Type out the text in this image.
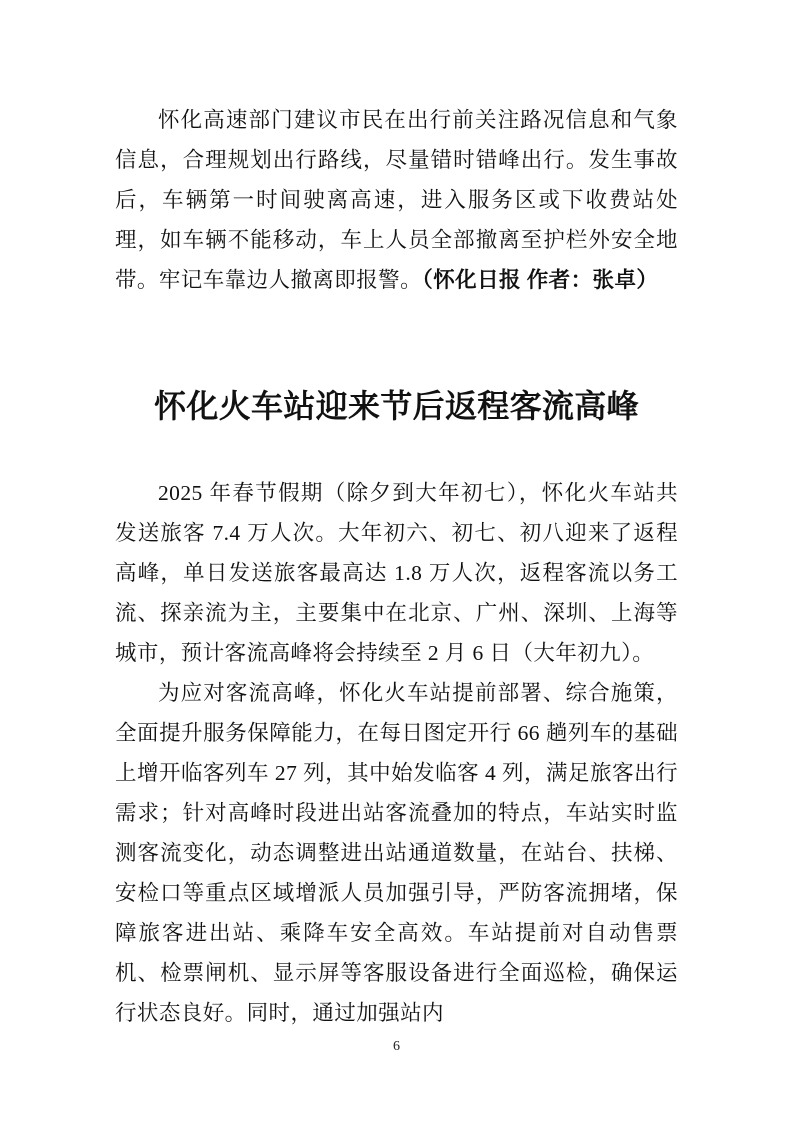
怀化高速部门建议市民在出行前关注路况信息和气象信息，合理规划出行路线，尽量错时错峰出行。发生事故后，车辆第一时间驶离高速，进入服务区或下收费站处理，如车辆不能移动，车上人员全部撤离至护栏外安全地带。牢记车靠边人撤离即报警。（怀化日报 作者：张卓）

怀化火车站迎来节后返程客流高峰

2025 年春节假期（除夕到大年初七），怀化火车站共发送旅客 7.4 万人次。大年初六、初七、初八迎来了返程高峰，单日发送旅客最高达 1.8 万人次，返程客流以务工流、探亲流为主，主要集中在北京、广州、深圳、上海等城市，预计客流高峰将会持续至 2 月 6 日（大年初九）。

为应对客流高峰，怀化火车站提前部署、综合施策，全面提升服务保障能力，在每日图定开行 66 趟列车的基础上增开临客列车 27 列，其中始发临客 4 列，满足旅客出行需求；针对高峰时段进出站客流叠加的特点，车站实时监测客流变化，动态调整进出站通道数量，在站台、扶梯、安检口等重点区域增派人员加强引导，严防客流拥堵，保障旅客进出站、乘降车安全高效。车站提前对自动售票机、检票闸机、显示屏等客服设备进行全面巡检，确保运行状态良好。同时，通过加强站内

6
